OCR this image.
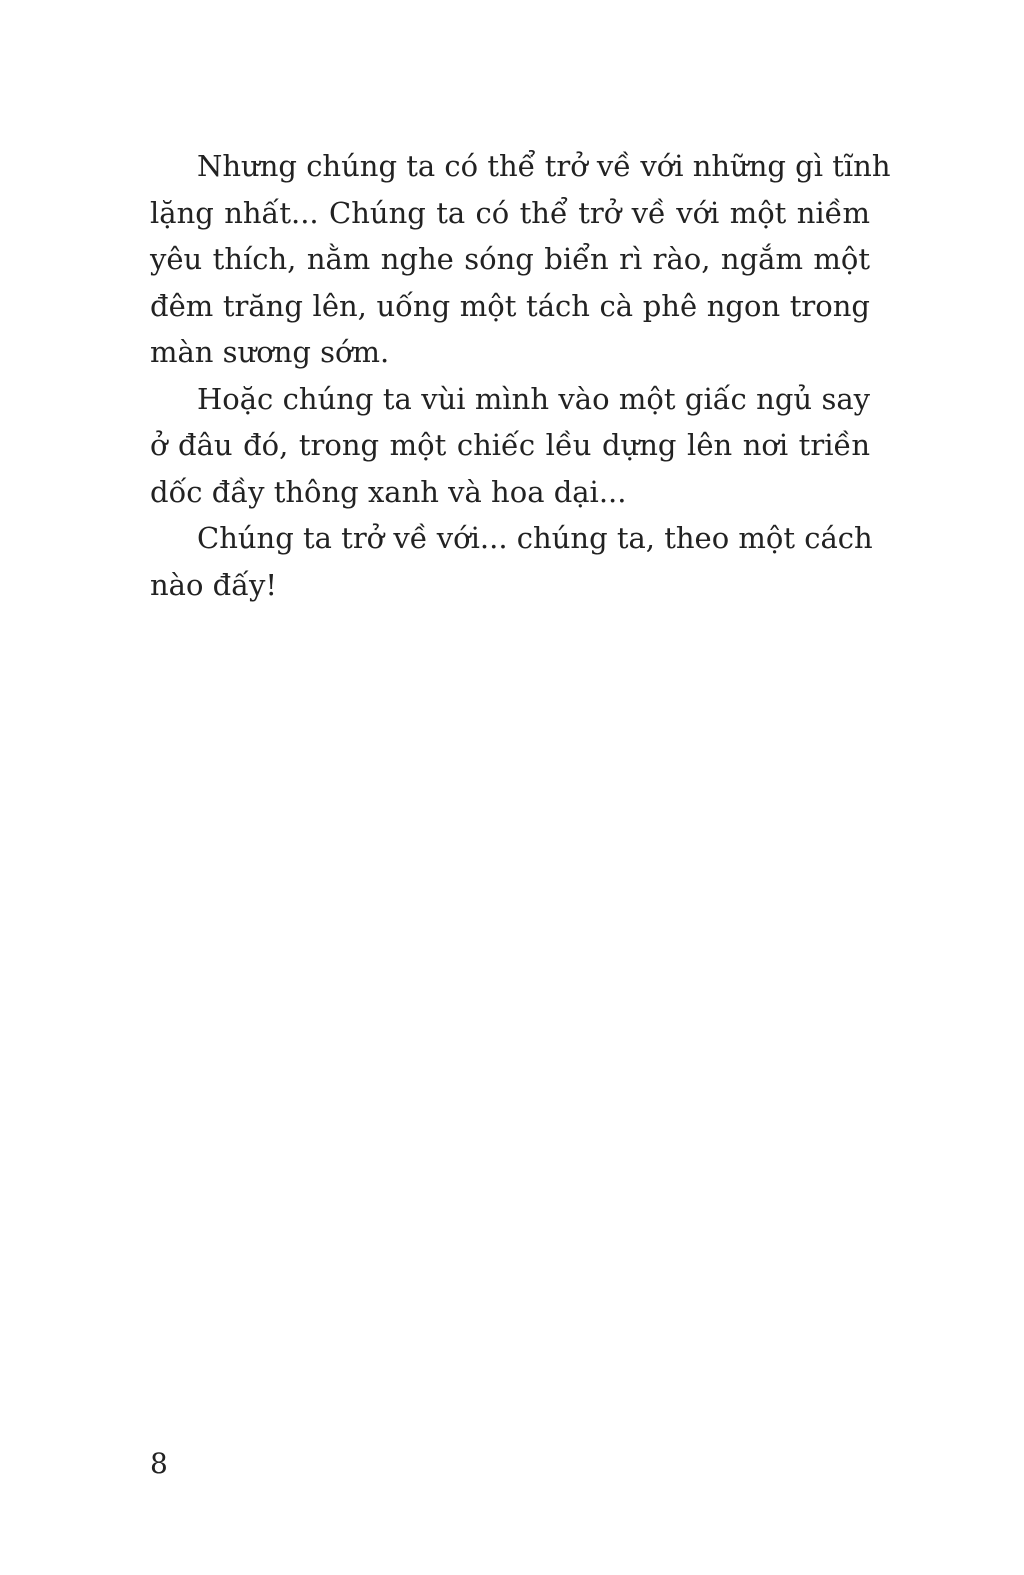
Nhưng chúng ta có thể trở về với những gì tĩnh
lặng nhất... Chúng ta có thể trở về với một niềm
yêu thích, nằm nghe sóng biển rì rào, ngắm một
đêm trăng lên, uống một tách cà phê ngon trong
màn sương sớm.
Hoặc chúng ta vùi mình vào một giấc ngủ say
ở đâu đó, trong một chiếc lều dựng lên nơi triền
dốc đầy thông xanh và hoa dại...
Chúng ta trở về với... chúng ta, theo một cách
nào đấy!
8
